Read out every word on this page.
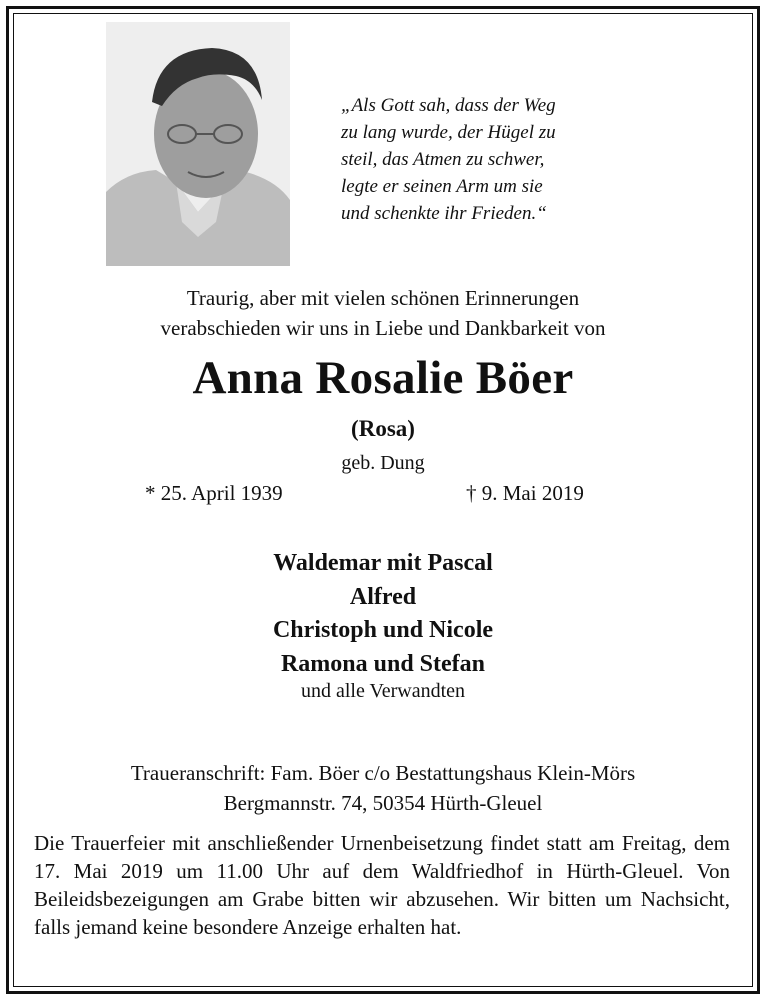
„Als Gott sah, dass der Weg
zu lang wurde, der Hügel zu
steil, das Atmen zu schwer,
legte er seinen Arm um sie
und schenkte ihr Frieden.“
Traurig, aber mit vielen schönen Erinnerungen
verabschieden wir uns in Liebe und Dankbarkeit von
Anna Rosalie Böer
(Rosa)
geb. Dung
* 25. April 1939	† 9. Mai 2019
Waldemar mit Pascal
Alfred
Christoph und Nicole
Ramona und Stefan
und alle Verwandten
Traueranschrift: Fam. Böer c/o Bestattungshaus Klein-Mörs
Bergmannstr. 74, 50354 Hürth-Gleuel
Die Trauerfeier mit anschließender Urnenbeisetzung findet statt am Freitag, dem 17. Mai 2019 um 11.00 Uhr auf dem Waldfriedhof in Hürth-Gleuel. Von Beileidsbezeigungen am Grabe bitten wir abzusehen. Wir bitten um Nachsicht, falls jemand keine besondere Anzeige erhalten hat.
